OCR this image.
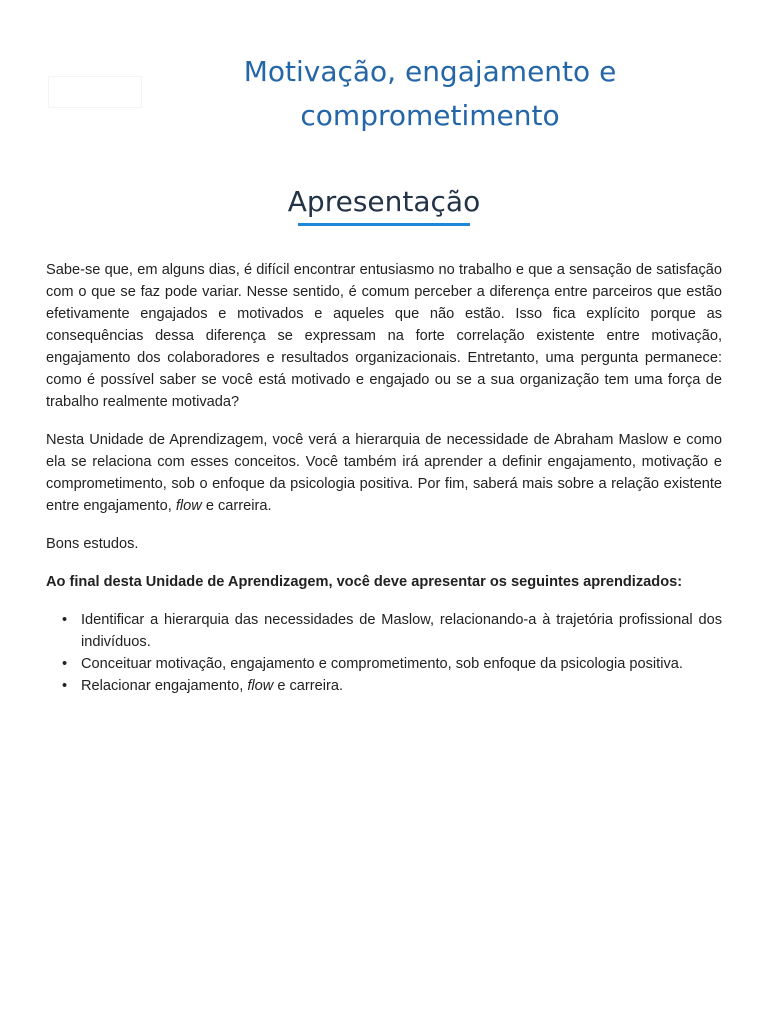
Motivação, engajamento e comprometimento
Apresentação

Sabe-se que, em alguns dias, é difícil encontrar entusiasmo no trabalho e que a sensação de satisfação com o que se faz pode variar. Nesse sentido, é comum perceber a diferença entre parceiros que estão efetivamente engajados e motivados e aqueles que não estão. Isso fica explícito porque as consequências dessa diferença se expressam na forte correlação existente entre motivação, engajamento dos colaboradores e resultados organizacionais. Entretanto, uma pergunta permanece: como é possível saber se você está motivado e engajado ou se a sua organização tem uma força de trabalho realmente motivada?

Nesta Unidade de Aprendizagem, você verá a hierarquia de necessidade de Abraham Maslow e como ela se relaciona com esses conceitos. Você também irá aprender a definir engajamento, motivação e comprometimento, sob o enfoque da psicologia positiva. Por fim, saberá mais sobre a relação existente entre engajamento, flow e carreira.

Bons estudos.

Ao final desta Unidade de Aprendizagem, você deve apresentar os seguintes aprendizados:

• Identificar a hierarquia das necessidades de Maslow, relacionando-a à trajetória profissional dos indivíduos.
• Conceituar motivação, engajamento e comprometimento, sob enfoque da psicologia positiva.
• Relacionar engajamento, flow e carreira.
